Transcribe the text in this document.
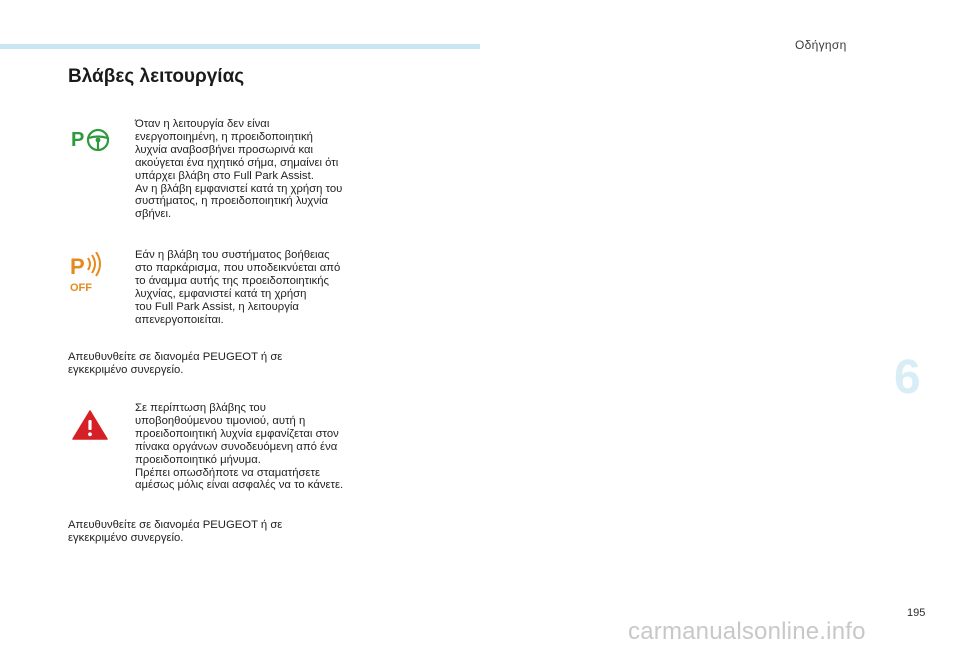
Οδήγηση
Βλάβες λειτουργίας
P
Όταν η λειτουργία δεν είναι
ενεργοποιημένη, η προειδοποιητική
λυχνία αναβοσβήνει προσωρινά και
ακούγεται ένα ηχητικό σήμα, σημαίνει ότι
υπάρχει βλάβη στο Full Park Assist.
Αν η βλάβη εμφανιστεί κατά τη χρήση του
συστήματος, η προειδοποιητική λυχνία
σβήνει.
P
OFF
Εάν η βλάβη του συστήματος βοήθειας
στο παρκάρισμα, που υποδεικνύεται από
το άναμμα αυτής της προειδοποιητικής
λυχνίας, εμφανιστεί κατά τη χρήση
του Full Park Assist, η λειτουργία
απενεργοποιείται.
Απευθυνθείτε σε διανομέα PEUGEOT ή σε
εγκεκριμένο συνεργείο.
Σε περίπτωση βλάβης του
υποβοηθούμενου τιμονιού, αυτή η
προειδοποιητική λυχνία εμφανίζεται στον
πίνακα οργάνων συνοδευόμενη από ένα
προειδοποιητικό μήνυμα.
Πρέπει οπωσδήποτε να σταματήσετε
αμέσως μόλις είναι ασφαλές να το κάνετε.
Απευθυνθείτε σε διανομέα PEUGEOT ή σε
εγκεκριμένο συνεργείο.
6
195
carmanualsonline.info
